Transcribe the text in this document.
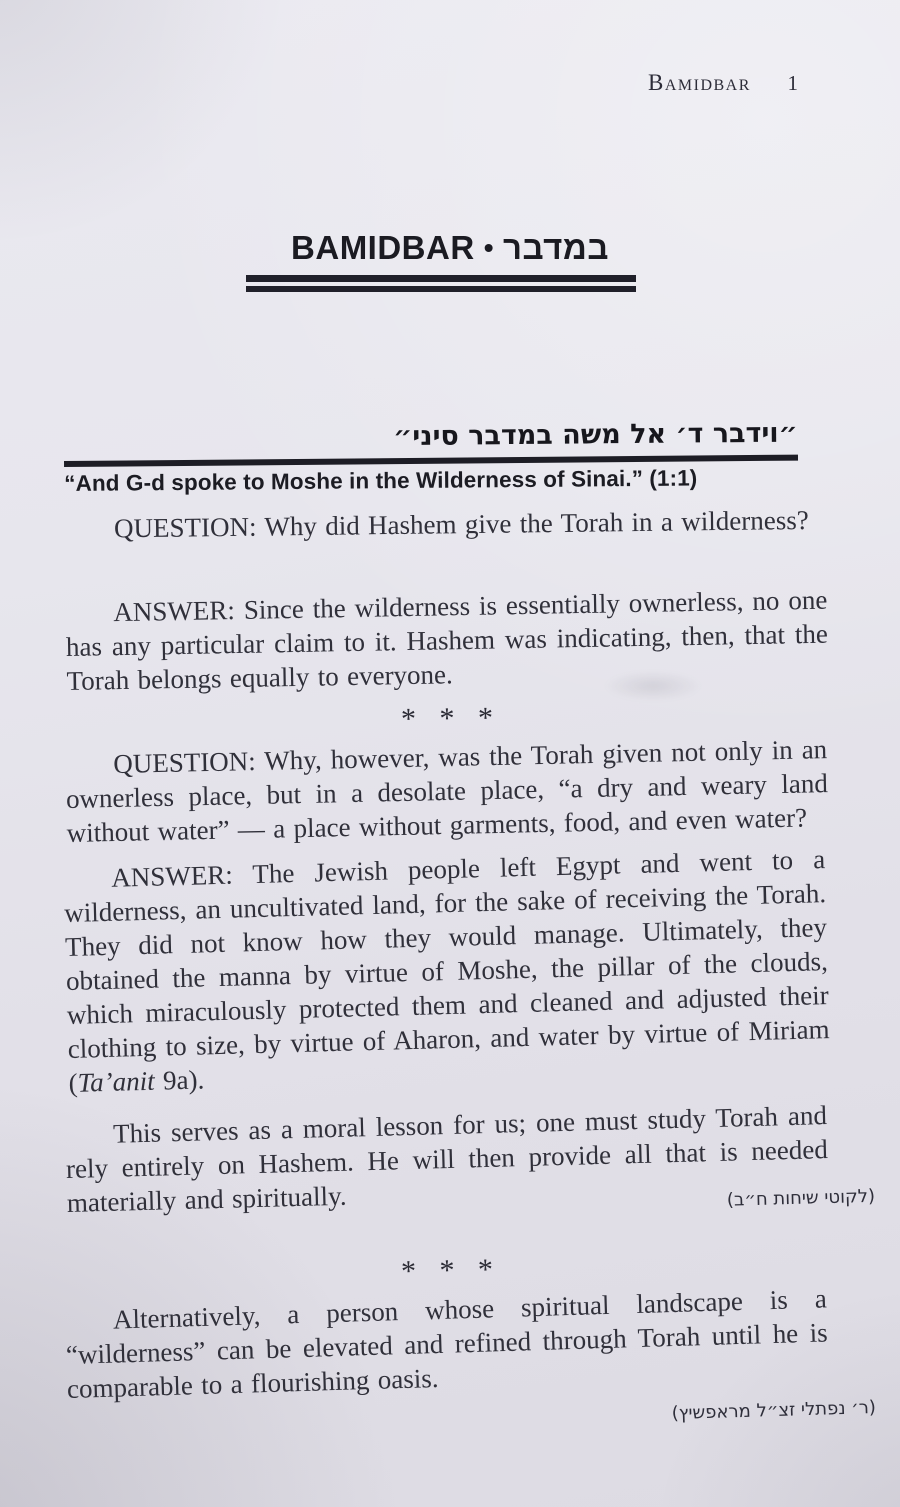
Bamidbar 1
BAMIDBAR • במדבר
״וידבר ד׳ אל משה במדבר סיני״
“And G-d spoke to Moshe in the Wilderness of Sinai.” (1:1)

QUESTION: Why did Hashem give the Torah in a wilderness?

ANSWER: Since the wilderness is essentially ownerless, no one has any particular claim to it. Hashem was indicating, then, that the Torah belongs equally to everyone.

* * *

QUESTION: Why, however, was the Torah given not only in an ownerless place, but in a desolate place, “a dry and weary land without water” — a place without garments, food, and even water?

ANSWER: The Jewish people left Egypt and went to a wilderness, an uncultivated land, for the sake of receiving the Torah. They did not know how they would manage. Ultimately, they obtained the manna by virtue of Moshe, the pillar of the clouds, which miraculously protected them and cleaned and adjusted their clothing to size, by virtue of Aharon, and water by virtue of Miriam (Ta’anit 9a).

This serves as a moral lesson for us; one must study Torah and rely entirely on Hashem. He will then provide all that is needed materially and spiritually.	(לקוטי שיחות ח״ב)
* * *

Alternatively, a person whose spiritual landscape is a “wilderness” can be elevated and refined through Torah until he is comparable to a flourishing oasis.

(ר׳ נפתלי זצ״ל מראפשיץ)
